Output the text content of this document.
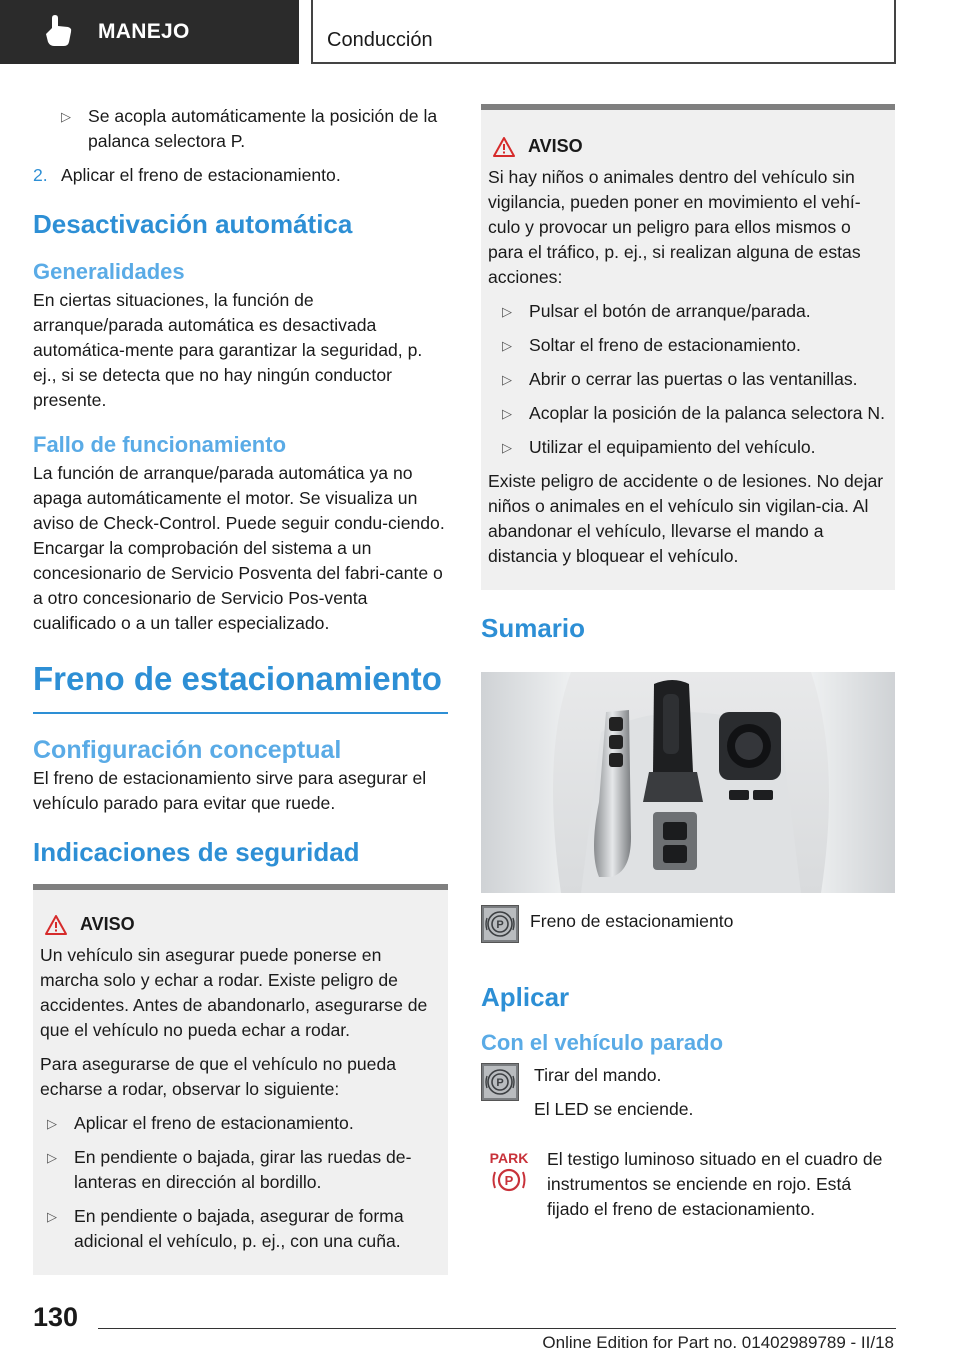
MANEJO	Conducción
▷ Se acopla automáticamente la posición de la palanca selectora P.
2. Aplicar el freno de estacionamiento.
Desactivación automática
Generalidades

En ciertas situaciones, la función de arranque/parada automática es desactivada automática‐mente para garantizar la seguridad, p. ej., si se detecta que no hay ningún conductor presente.

Fallo de funcionamiento

La función de arranque/parada automática ya no apaga automáticamente el motor. Se visualiza un aviso de Check-Control. Puede seguir condu‐ciendo. Encargar la comprobación del sistema a un concesionario de Servicio Posventa del fabri‐cante o a otro concesionario de Servicio Pos‐venta cualificado o a un taller especializado.

Freno de estacionamiento
Configuración conceptual

El freno de estacionamiento sirve para asegurar el vehículo parado para evitar que ruede.

Indicaciones de seguridad
AVISO

Un vehículo sin asegurar puede ponerse en marcha solo y echar a rodar. Existe peligro de accidentes. Antes de abandonarlo, asegurarse de que el vehículo no pueda echar a rodar.

Para asegurarse de que el vehículo no pueda echarse a rodar, observar lo siguiente:

▷ Aplicar el freno de estacionamiento.
▷ En pendiente o bajada, girar las ruedas de‐lanteras en dirección al bordillo.
▷ En pendiente o bajada, asegurar de forma adicional el vehículo, p. ej., con una cuña.
AVISO

Si hay niños o animales dentro del vehículo sin vigilancia, pueden poner en movimiento el vehí‐culo y provocar un peligro para ellos mismos o para el tráfico, p. ej., si realizan alguna de estas acciones:

▷ Pulsar el botón de arranque/parada.
▷ Soltar el freno de estacionamiento.
▷ Abrir o cerrar las puertas o las ventanillas.
▷ Acoplar la posición de la palanca selectora N.
▷ Utilizar el equipamiento del vehículo.

Existe peligro de accidente o de lesiones. No dejar niños o animales en el vehículo sin vigilan‐cia. Al abandonar el vehículo, llevarse el mando a distancia y bloquear el vehículo.

Sumario
P Freno de estacionamiento
Aplicar
Con el vehículo parado
P Tirar del mando.

El LED se enciende.

PARK
P

El testigo luminoso situado en el cuadro de instrumentos se enciende en rojo. Está fijado el freno de estacionamiento.

130
Online Edition for Part no. 01402989789 - II/18
